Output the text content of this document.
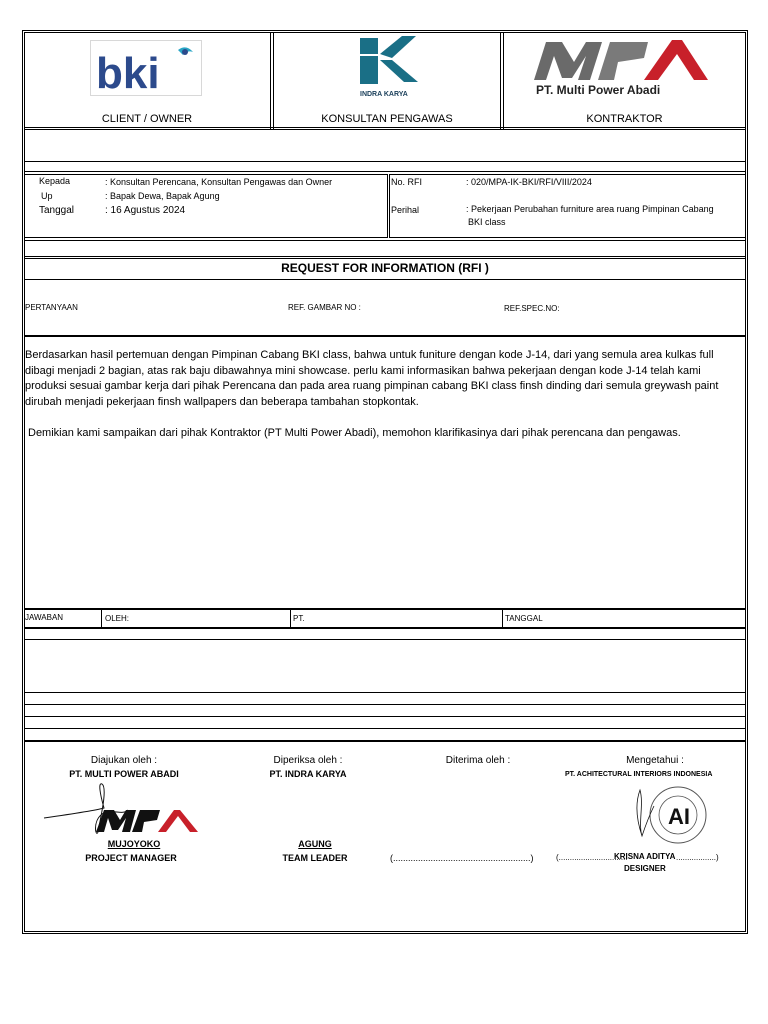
bki
CLIENT / OWNER
INDRA KARYA
KONSULTAN PENGAWAS
PT. Multi Power Abadi
KONTRAKTOR
Kepada	: Konsultan Perencana, Konsultan Pengawas dan Owner
Up	: Bapak Dewa, Bapak Agung
Tanggal	: 16 Agustus 2024
No. RFI	: 020/MPA-IK-BKI/RFI/VIII/2024
Perihal	: Pekerjaan Perubahan furniture area ruang Pimpinan Cabang
BKI class
REQUEST FOR INFORMATION (RFI )
PERTANYAAN	REF. GAMBAR NO :	REF.SPEC.NO:
Berdasarkan hasil pertemuan dengan Pimpinan Cabang BKI class, bahwa untuk funiture dengan kode J-14, dari yang semula area kulkas full dibagi menjadi 2 bagian, atas rak baju dibawahnya mini showcase. perlu kami informasikan bahwa pekerjaan dengan kode J-14 telah kami produksi sesuai gambar kerja dari pihak Perencana dan pada area ruang pimpinan cabang BKI class finsh dinding dari semula greywash paint dirubah menjadi pekerjaan finsh wallpapers dan beberapa tambahan stopkontak.
Demikian kami sampaikan dari pihak Kontraktor (PT Multi Power Abadi), memohon klarifikasinya dari pihak perencana dan pengawas.
JAWABAN	OLEH:	PT.	TANGGAL
Diajukan oleh :
PT. MULTI POWER ABADI
MUJOYOKO
PROJECT MANAGER
Diperiksa oleh :
PT. INDRA KARYA
AGUNG
TEAM LEADER
Diterima oleh :
(.......................................................)
Mengetahui :
PT. ACHITECTURAL INTERIORS INDONESIA
AI
(...............................
KRISNA ADITYA ..................)
DESIGNER
